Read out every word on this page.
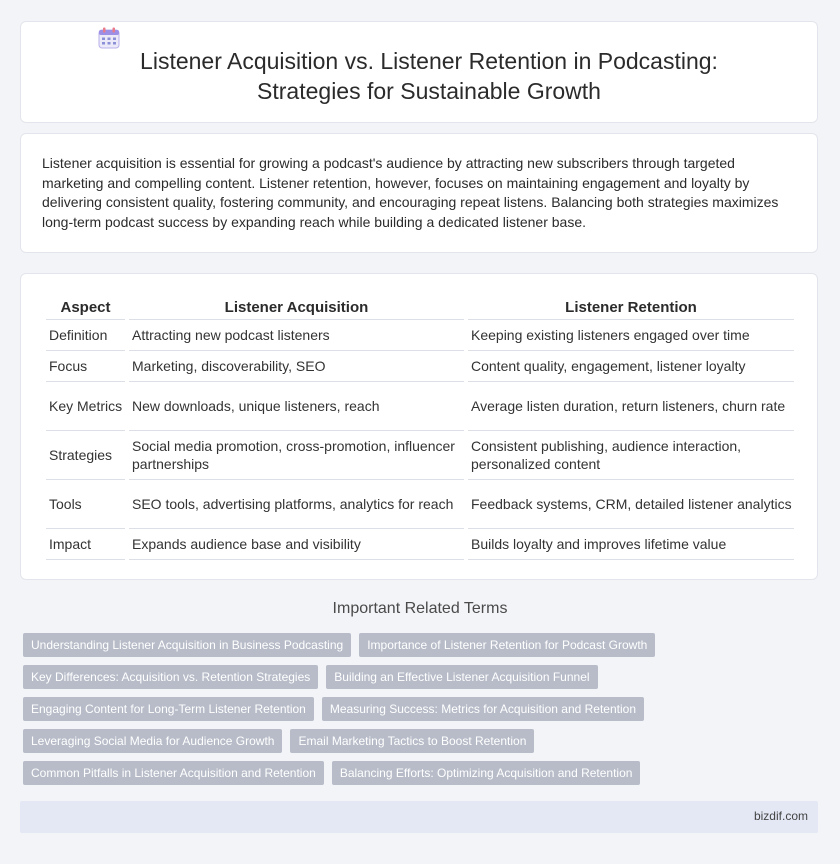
Listener Acquisition vs. Listener Retention in Podcasting: Strategies for Sustainable Growth

Listener acquisition is essential for growing a podcast's audience by attracting new subscribers through targeted marketing and compelling content. Listener retention, however, focuses on maintaining engagement and loyalty by delivering consistent quality, fostering community, and encouraging repeat listens. Balancing both strategies maximizes long-term podcast success by expanding reach while building a dedicated listener base.

Aspect	Listener Acquisition	Listener Retention
Definition	Attracting new podcast listeners	Keeping existing listeners engaged over time
Focus	Marketing, discoverability, SEO	Content quality, engagement, listener loyalty
Key Metrics	New downloads, unique listeners, reach	Average listen duration, return listeners, churn rate
Strategies	Social media promotion, cross-promotion, influencer partnerships	Consistent publishing, audience interaction, personalized content
Tools	SEO tools, advertising platforms, analytics for reach	Feedback systems, CRM, detailed listener analytics
Impact	Expands audience base and visibility	Builds loyalty and improves lifetime value
Important Related Terms
Understanding Listener Acquisition in Business Podcasting	Importance of Listener Retention for Podcast Growth
Key Differences: Acquisition vs. Retention Strategies	Building an Effective Listener Acquisition Funnel
Engaging Content for Long-Term Listener Retention	Measuring Success: Metrics for Acquisition and Retention
Leveraging Social Media for Audience Growth	Email Marketing Tactics to Boost Retention
Common Pitfalls in Listener Acquisition and Retention	Balancing Efforts: Optimizing Acquisition and Retention
bizdif.com
